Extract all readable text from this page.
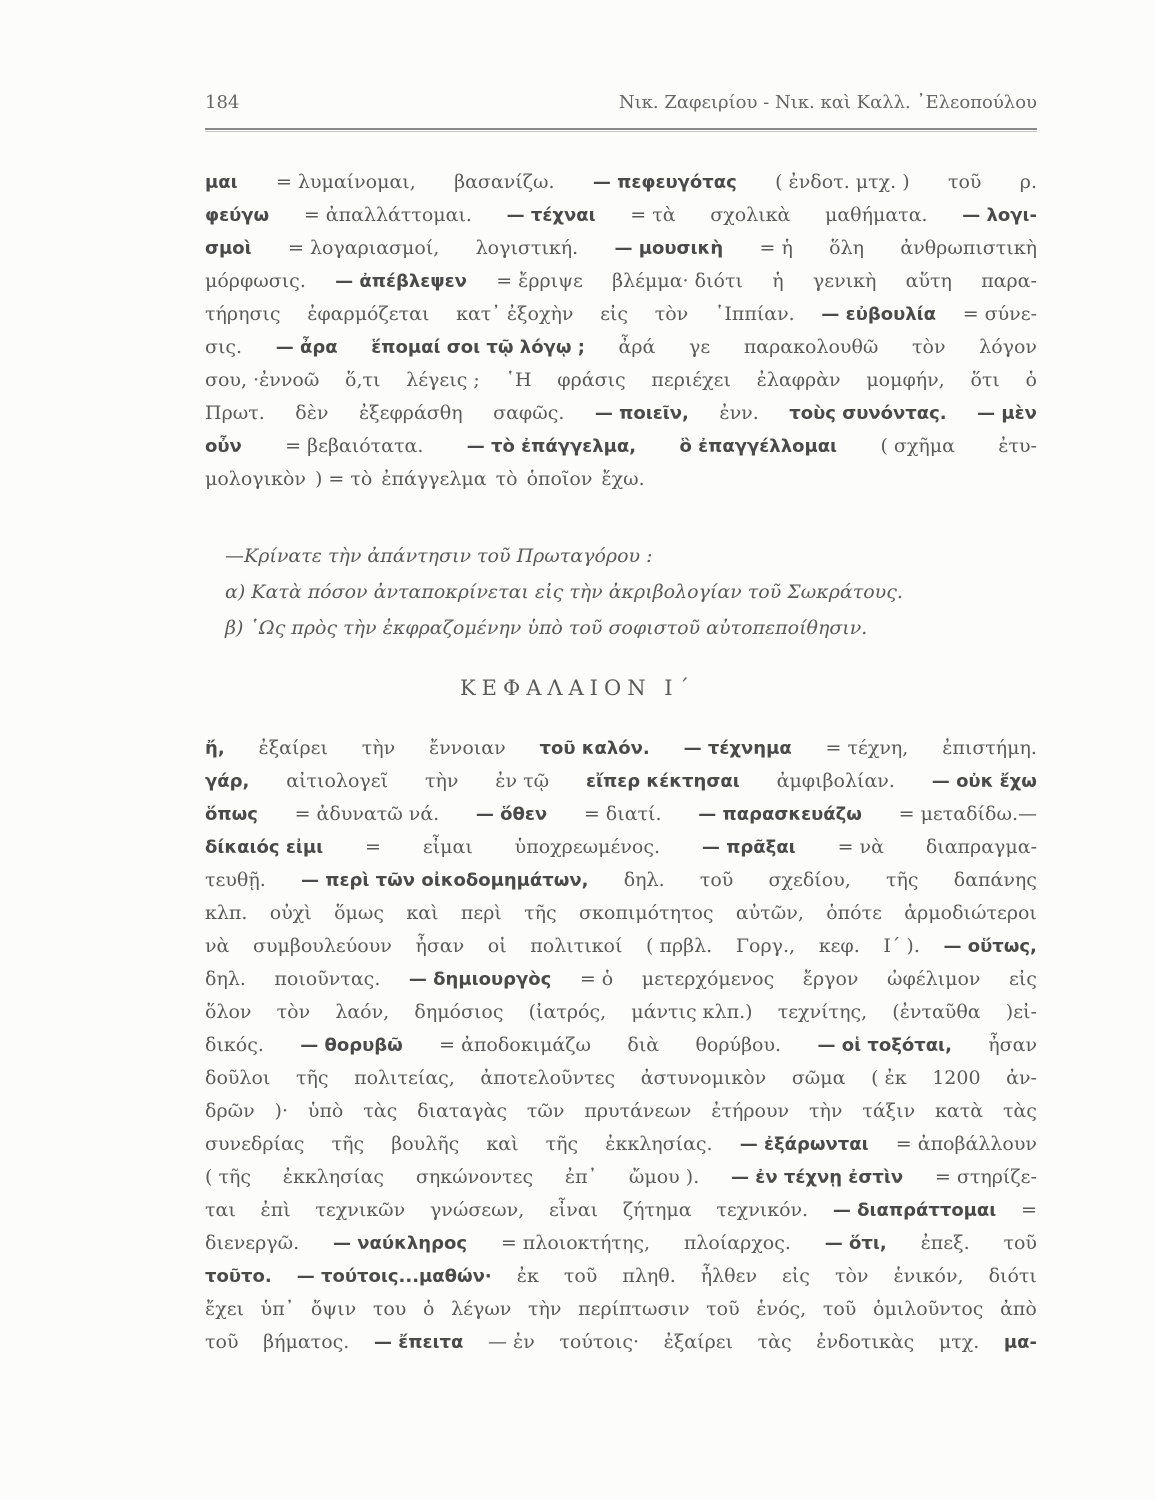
184	Νικ. Ζαφειρίου - Νικ. καὶ Καλλ. ᾿Ελεοπούλου
μαι = λυμαίνομαι, βασανίζω. — πεφευγότας ( ἐνδοτ. μτχ. ) τοῦ ρ.
φεύγω = ἀπαλλάττομαι. — τέχναι = τὰ σχολικὰ μαθήματα. — λογι-
σμοὶ = λογαριασμοί, λογιστική. — μουσικὴ = ἡ ὅλη ἀνθρωπιστικὴ
μόρφωσις. — ἀπέβλεψεν = ἔρριψε βλέμμα· διότι ἡ γενικὴ αὕτη παρα-
τήρησις ἐφαρμόζεται κατ᾿ ἐξοχὴν εἰς τὸν ῾Ιππίαν. — εὐβουλία = σύνε-
σις. — ἆρα ἕπομαί σοι τῷ λόγῳ ; ἆρά γε παρακολουθῶ τὸν λόγον
σου, ·ἐννοῶ ὅ,τι λέγεις ; ῾Η φράσις περιέχει ἐλαφρὰν μομφήν, ὅτι ὁ
Πρωτ. δὲν ἐξεφράσθη σαφῶς. — ποιεῖν, ἐνν. τοὺς συνόντας. — μὲν
οὖν = βεβαιότατα. — τὸ ἐπάγγελμα, ὃ ἐπαγγέλλομαι ( σχῆμα ἐτυ-
μολογικὸν ) = τὸ ἐπάγγελμα τὸ ὁποῖον ἔχω.
—Κρίνατε τὴν ἀπάντησιν τοῦ Πρωταγόρου :
α) Κατὰ πόσον ἀνταποκρίνεται εἰς τὴν ἀκριβολογίαν τοῦ Σωκράτους.
β) ῾Ως πρὸς τὴν ἐκφραζομένην ὑπὸ τοῦ σοφιστοῦ αὐτοπεποίθησιν.
ΚΕΦΑΛΑΙΟΝ Ι΄
ἤ, ἐξαίρει τὴν ἔννοιαν τοῦ καλόν. — τέχνημα = τέχνη, ἐπιστήμη.
γάρ, αἰτιολογεῖ τὴν ἐν τῷ εἴπερ κέκτησαι ἀμφιβολίαν. — οὐκ ἔχω
ὅπως = ἀδυνατῶ νά. — ὅθεν = διατί. — παρασκευάζω = μεταδίδω.—
δίκαιός εἰμι = εἶμαι ὑποχρεωμένος. — πρᾶξαι = νὰ διαπραγμα-
τευθῇ. — περὶ τῶν οἰκοδομημάτων, δηλ. τοῦ σχεδίου, τῆς δαπάνης
κλπ. οὐχὶ ὅμως καὶ περὶ τῆς σκοπιμότητος αὐτῶν, ὁπότε ἁρμοδιώτεροι
νὰ συμβουλεύουν ἦσαν οἱ πολιτικοί ( πρβλ. Γοργ., κεφ. Ι΄ ). — οὕτως,
δηλ. ποιοῦντας. — δημιουργὸς = ὁ μετερχόμενος ἔργον ὠφέλιμον εἰς
ὅλον τὸν λαόν, δημόσιος (ἰατρός, μάντις κλπ.) τεχνίτης, (ἐνταῦθα )εἰ-
δικός. — θορυβῶ = ἀποδοκιμάζω διὰ θορύβου. — οἱ τοξόται, ἦσαν
δοῦλοι τῆς πολιτείας, ἀποτελοῦντες ἀστυνομικὸν σῶμα ( ἐκ 1200 ἀν-
δρῶν )· ὑπὸ τὰς διαταγὰς τῶν πρυτάνεων ἐτήρουν τὴν τάξιν κατὰ τὰς
συνεδρίας τῆς βουλῆς καὶ τῆς ἐκκλησίας. — ἐξάρωνται = ἀποβάλλουν
( τῆς ἐκκλησίας σηκώνοντες ἐπ᾿ ὤμου ). — ἐν τέχνῃ ἐστὶν = στηρίζε-
ται ἐπὶ τεχνικῶν γνώσεων, εἶναι ζήτημα τεχνικόν. — διαπράττομαι =
διενεργῶ. — ναύκληρος = πλοιοκτήτης, πλοίαρχος. — ὅτι, ἐπεξ. τοῦ
τοῦτο. — τούτοις...μαθών· ἐκ τοῦ πληθ. ἦλθεν εἰς τὸν ἑνικόν, διότι
ἔχει ὑπ᾿ ὄψιν του ὁ λέγων τὴν περίπτωσιν τοῦ ἑνός, τοῦ ὁμιλοῦντος ἀπὸ
τοῦ βήματος. — ἔπειτα — ἐν τούτοις· ἐξαίρει τὰς ἐνδοτικὰς μτχ. μα-
